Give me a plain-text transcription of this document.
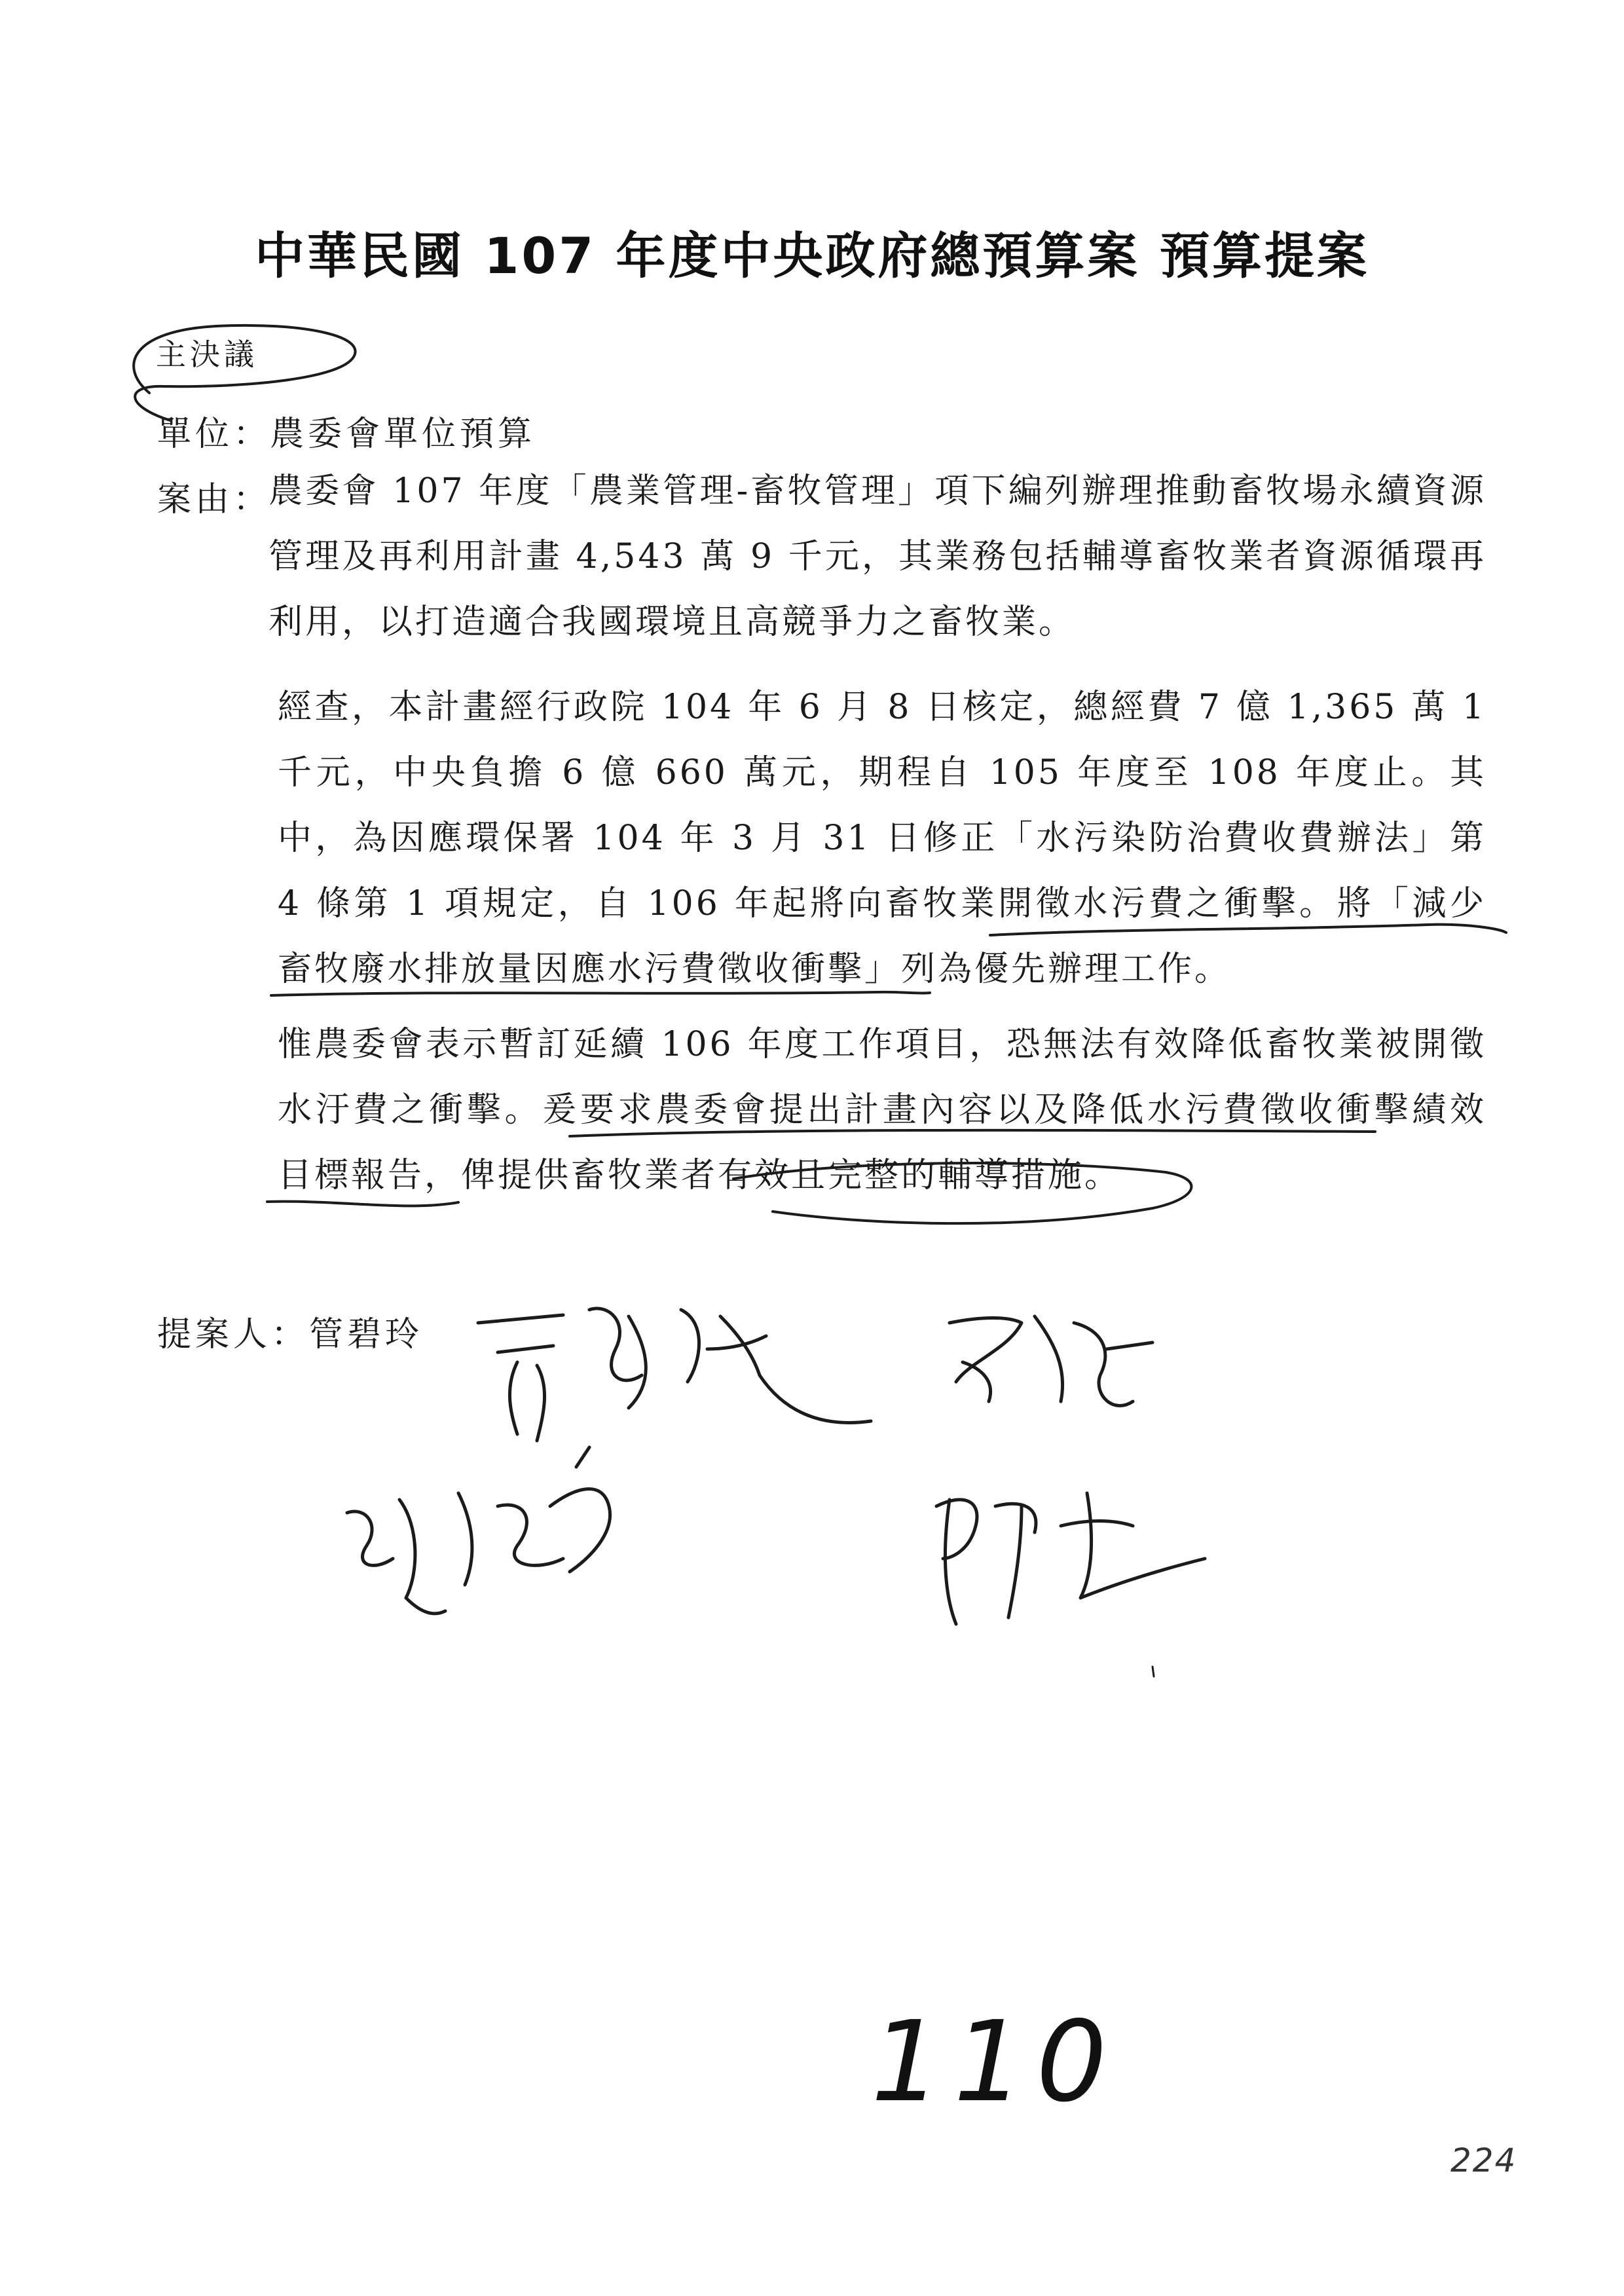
中華民國 107 年度中央政府總預算案 預算提案
主決議
單位：
農委會單位預算
案由：

農委會 107 年度「農業管理-畜牧管理」項下編列辦理推動畜牧場永續資源管理及再利用計畫 4,543 萬 9 千元，其業務包括輔導畜牧業者資源循環再利用，以打造適合我國環境且高競爭力之畜牧業。

經查，本計畫經行政院 104 年 6 月 8 日核定，總經費 7 億 1,365 萬 1 千元，中央負擔 6 億 660 萬元，期程自 105 年度至 108 年度止。其中，為因應環保署 104 年 3 月 31 日修正「水污染防治費收費辦法」第 4 條第 1 項規定，自 106 年起將向畜牧業開徵水污費之衝擊。將「減少畜牧廢水排放量因應水污費徵收衝擊」列為優先辦理工作。

惟農委會表示暫訂延續 106 年度工作項目，恐無法有效降低畜牧業被開徵水汙費之衝擊。爰要求農委會提出計畫內容以及降低水污費徵收衝擊績效目標報告，俾提供畜牧業者有效且完整的輔導措施。

提案人：管碧玲
110
224
